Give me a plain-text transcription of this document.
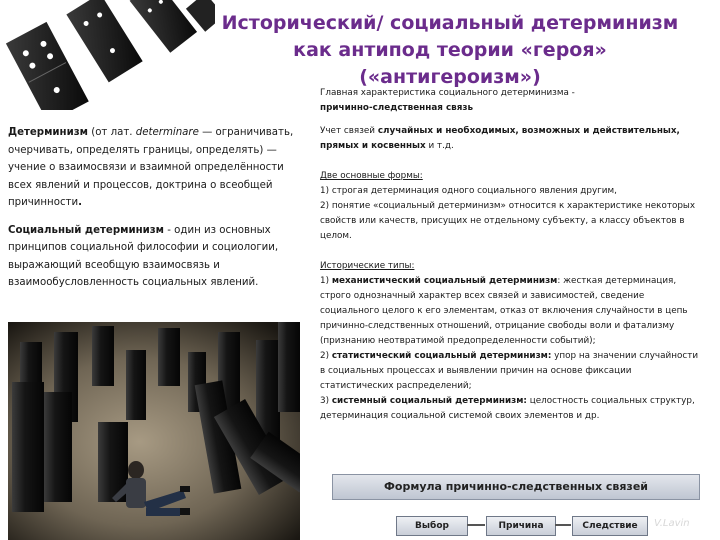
Исторический/ социальный детерминизм
как антипод теории «героя» («антигероизм»)

Детерминизм (от лат. determinare — ограничивать, очерчивать, определять границы, определять) — учение о взаимосвязи и взаимной определённости всех явлений и процессов, доктрина о всеобщей причинности.

Социальный детерминизм - один из основных принципов социальной философии и социологии, выражающий всеобщую взаимосвязь и взаимообусловленность социальных явлений.

Главная характеристика социального детерминизма -
причинно-следственная связь

Учет связей случайных и необходимых, возможных и действительных, прямых и косвенных и т.д.

Две основные формы:

1) строгая детерминация одного социального явления другим,

2) понятие «социальный детерминизм» относится к характеристике некоторых свойств или качеств, присущих не отдельному субъекту, а классу объектов в целом.

Исторические типы:

1) механистический социальный детерминизм: жесткая детерминация, строго однозначный характер всех связей и зависимостей, сведение социального целого к его элементам, отказ от включения случайности в цепь причинно-следственных отношений, отрицание свободы воли и фатализму (признанию неотвратимой предопределенности событий);

2) статистический социальный детерминизм: упор на значении случайности в социальных процессах и выявлении причин на основе фиксации статистических распределений;

3) системный социальный детерминизм: целостность социальных структур, детерминация социальной системой своих элементов и др.

Формула причинно-следственных связей
Выбор	Причина	Следствие	V.Lavin
